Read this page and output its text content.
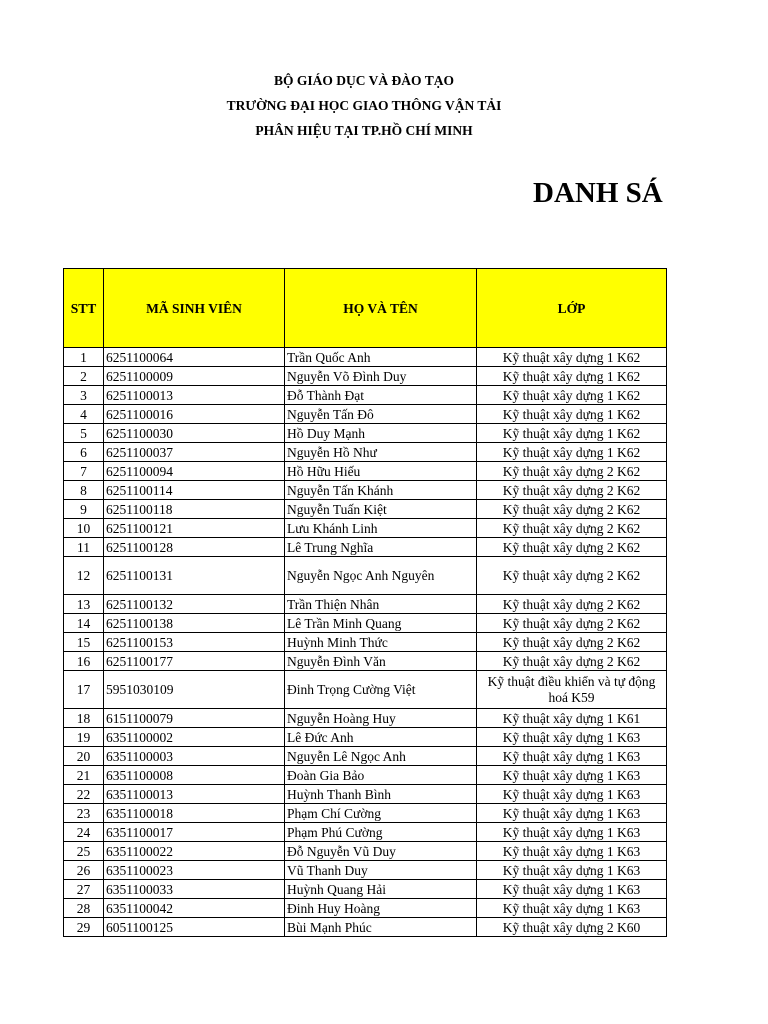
BỘ GIÁO DỤC VÀ ĐÀO TẠO
TRƯỜNG ĐẠI HỌC GIAO THÔNG VẬN TẢI
PHÂN HIỆU TẠI TP.HỒ CHÍ MINH
DANH SÁ
STT	MÃ SINH VIÊN	HỌ VÀ TÊN	LỚP
1	6251100064	Trần Quốc Anh	Kỹ thuật xây dựng 1 K62
2	6251100009	Nguyễn Võ Đình Duy	Kỹ thuật xây dựng 1 K62
3	6251100013	Đỗ Thành Đạt	Kỹ thuật xây dựng 1 K62
4	6251100016	Nguyễn Tấn Đô	Kỹ thuật xây dựng 1 K62
5	6251100030	Hồ Duy Mạnh	Kỹ thuật xây dựng 1 K62
6	6251100037	Nguyễn Hồ Như	Kỹ thuật xây dựng 1 K62
7	6251100094	Hồ Hữu Hiếu	Kỹ thuật xây dựng 2 K62
8	6251100114	Nguyễn Tấn Khánh	Kỹ thuật xây dựng 2 K62
9	6251100118	Nguyễn Tuấn Kiệt	Kỹ thuật xây dựng 2 K62
10	6251100121	Lưu Khánh Linh	Kỹ thuật xây dựng 2 K62
11	6251100128	Lê Trung Nghĩa	Kỹ thuật xây dựng 2 K62
12	6251100131	Nguyễn Ngọc Anh Nguyên	Kỹ thuật xây dựng 2 K62
13	6251100132	Trần Thiện Nhân	Kỹ thuật xây dựng 2 K62
14	6251100138	Lê Trần Minh Quang	Kỹ thuật xây dựng 2 K62
15	6251100153	Huỳnh Minh Thức	Kỹ thuật xây dựng 2 K62
16	6251100177	Nguyễn Đình Văn	Kỹ thuật xây dựng 2 K62
17	5951030109	Đinh Trọng Cường Việt	Kỹ thuật điều khiển và tự động hoá K59
18	6151100079	Nguyễn Hoàng Huy	Kỹ thuật xây dựng 1 K61
19	6351100002	Lê Đức Anh	Kỹ thuật xây dựng 1 K63
20	6351100003	Nguyễn Lê Ngọc Anh	Kỹ thuật xây dựng 1 K63
21	6351100008	Đoàn Gia Bảo	Kỹ thuật xây dựng 1 K63
22	6351100013	Huỳnh Thanh Bình	Kỹ thuật xây dựng 1 K63
23	6351100018	Phạm Chí Cường	Kỹ thuật xây dựng 1 K63
24	6351100017	Phạm Phú Cường	Kỹ thuật xây dựng 1 K63
25	6351100022	Đỗ Nguyễn Vũ Duy	Kỹ thuật xây dựng 1 K63
26	6351100023	Vũ Thanh Duy	Kỹ thuật xây dựng 1 K63
27	6351100033	Huỳnh Quang Hải	Kỹ thuật xây dựng 1 K63
28	6351100042	Đinh Huy Hoàng	Kỹ thuật xây dựng 1 K63
29	6051100125	Bùi Mạnh Phúc	Kỹ thuật xây dựng 2 K60
